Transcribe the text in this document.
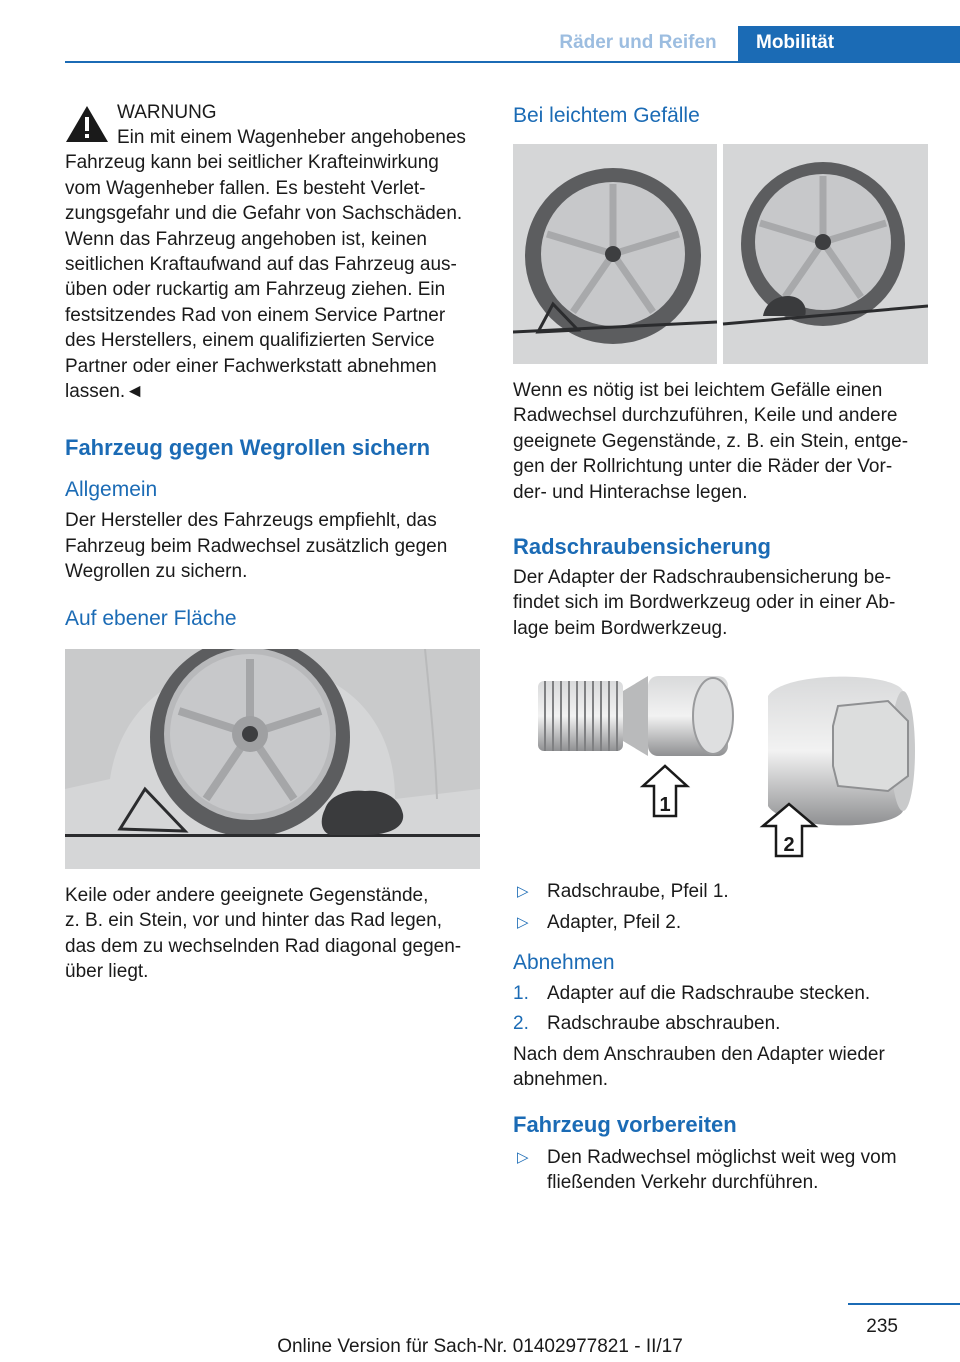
Räder und Reifen	Mobilität
WARNUNG

Ein mit einem Wagenheber angehobenes

Fahrzeug kann bei seitlicher Krafteinwirkung

vom Wagenheber fallen. Es besteht Verlet-

zungsgefahr und die Gefahr von Sachschäden.

Wenn das Fahrzeug angehoben ist, keinen

seitlichen Kraftaufwand auf das Fahrzeug aus-

üben oder ruckartig am Fahrzeug ziehen. Ein

festsitzendes Rad von einem Service Partner

des Herstellers, einem qualifizierten Service

Partner oder einer Fachwerkstatt abnehmen

lassen.◄

Fahrzeug gegen Wegrollen sichern
Allgemein

Der Hersteller des Fahrzeugs empfiehlt, das

Fahrzeug beim Radwechsel zusätzlich gegen

Wegrollen zu sichern.

Auf ebener Fläche

Keile oder andere geeignete Gegenstände,

z. B. ein Stein, vor und hinter das Rad legen,

das dem zu wechselnden Rad diagonal gegen-

über liegt.

Bei leichtem Gefälle

Wenn es nötig ist bei leichtem Gefälle einen

Radwechsel durchzuführen, Keile und andere

geeignete Gegenstände, z. B. ein Stein, entge-

gen der Rollrichtung unter die Räder der Vor-

der- und Hinterachse legen.

Radschraubensicherung

Der Adapter der Radschraubensicherung be-

findet sich im Bordwerkzeug oder in einer Ab-

lage beim Bordwerkzeug.

1
2
▷ Radschraube, Pfeil 1.
▷ Adapter, Pfeil 2.
Abnehmen
1. Adapter auf die Radschraube stecken.
2. Radschraube abschrauben.

Nach dem Anschrauben den Adapter wieder

abnehmen.

Fahrzeug vorbereiten
▷ Den Radwechsel möglichst weit weg vom
fließenden Verkehr durchführen.
235
Online Version für Sach-Nr. 01402977821 - II/17
